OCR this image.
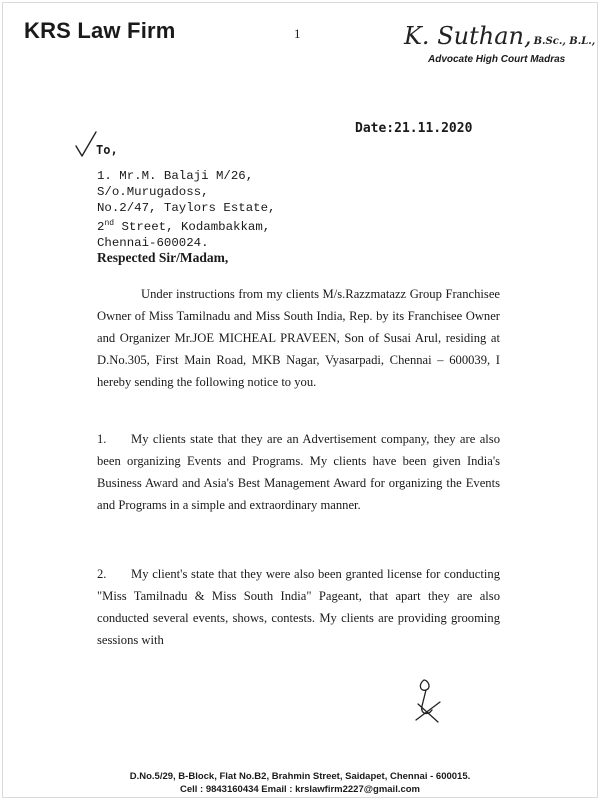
KRS Law Firm	1	K. Suthan, B.Sc., B.L.,
Advocate High Court Madras
Date:21.11.2020
To,
1. Mr.M. Balaji M/26,
S/o.Murugadoss,
No.2/47, Taylors Estate,
2nd Street, Kodambakkam,
Chennai-600024.
Respected Sir/Madam,
Under instructions from my clients M/s.Razzmatazz Group Franchisee Owner of Miss Tamilnadu and Miss South India, Rep. by its Franchisee Owner and Organizer Mr.JOE MICHEAL PRAVEEN, Son of Susai Arul, residing at D.No.305, First Main Road, MKB Nagar, Vyasarpadi, Chennai – 600039, I hereby sending the following notice to you.
1. My clients state that they are an Advertisement company, they are also been organizing Events and Programs. My clients have been given India's Business Award and Asia's Best Management Award for organizing the Events and Programs in a simple and extraordinary manner.
2. My client's state that they were also been granted license for conducting "Miss Tamilnadu & Miss South India" Pageant, that apart they are also conducted several events, shows, contests. My clients are providing grooming sessions with
D.No.5/29, B-Block, Flat No.B2, Brahmin Street, Saidapet, Chennai - 600015.
Cell : 9843160434 Email : krslawfirm2227@gmail.com
